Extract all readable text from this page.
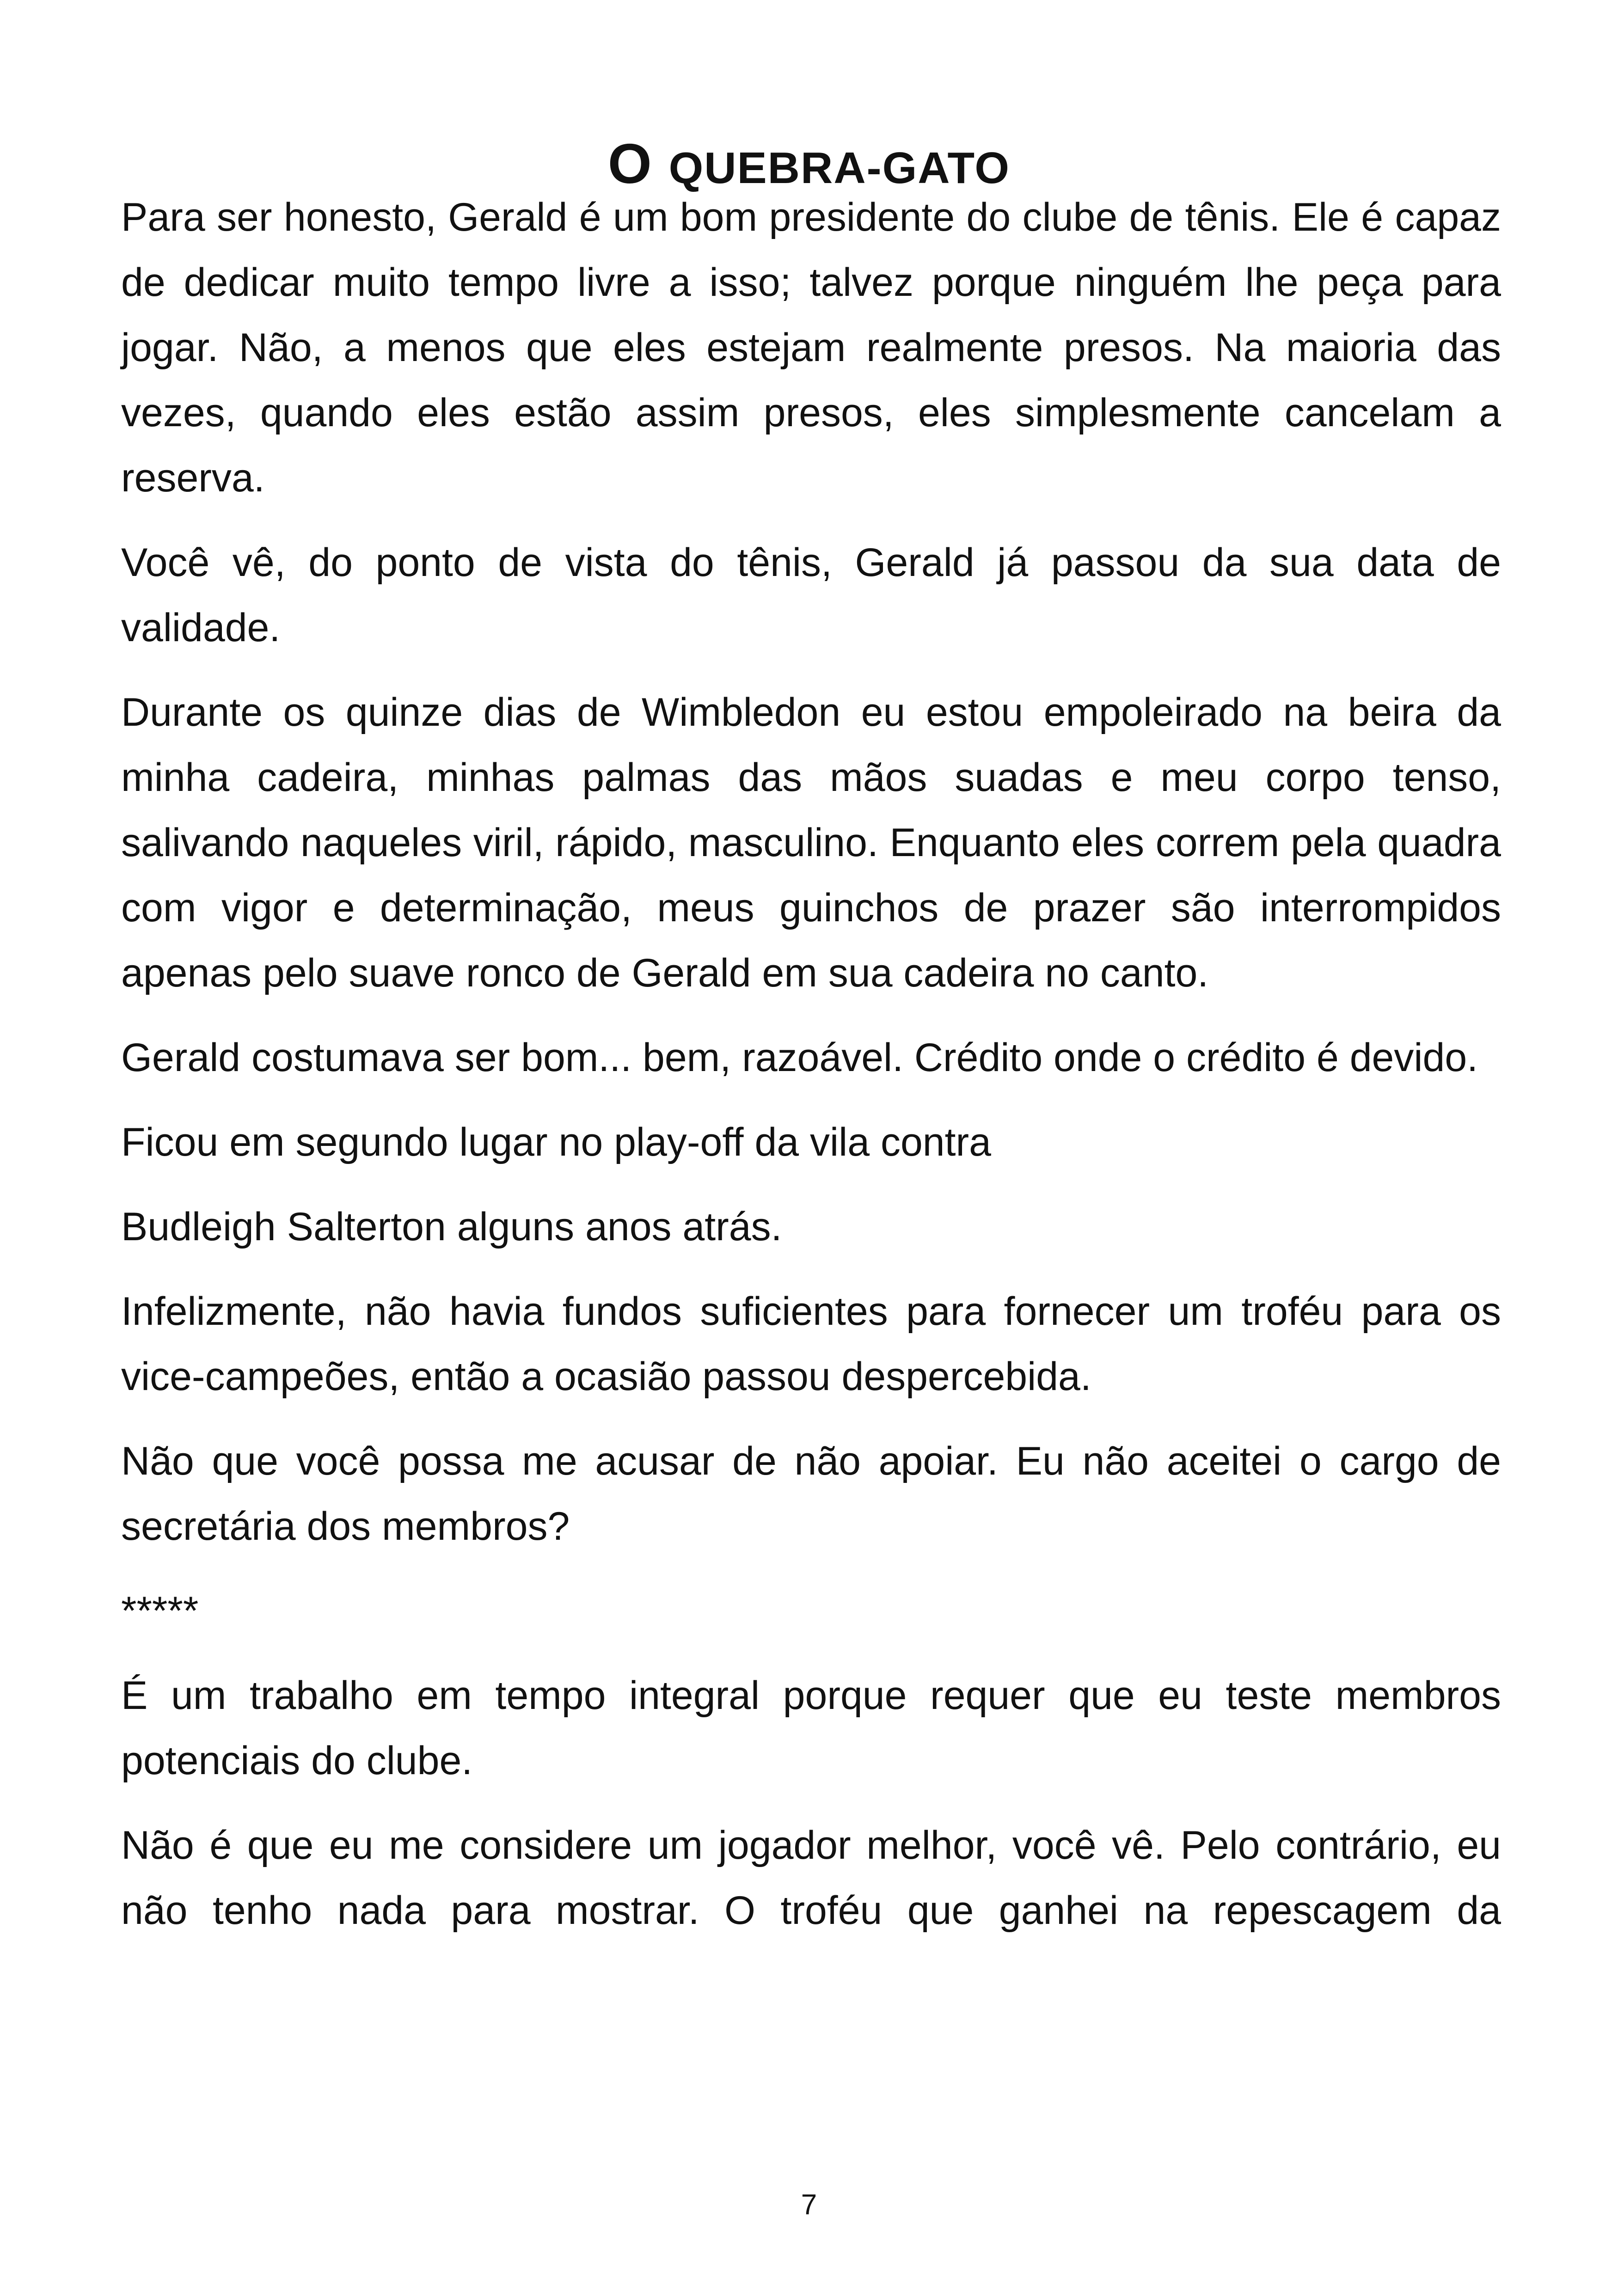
O QUEBRA-GATO

Para ser honesto, Gerald é um bom presidente do clube de tênis. Ele é capaz de dedicar muito tempo livre a isso; talvez porque ninguém lhe peça para jogar. Não, a menos que eles estejam realmente presos. Na maioria das vezes, quando eles estão assim presos, eles simplesmente cancelam a reserva.

Você vê, do ponto de vista do tênis, Gerald já passou da sua data de validade.

Durante os quinze dias de Wimbledon eu estou empoleirado na beira da minha cadeira, minhas palmas das mãos suadas e meu corpo tenso, salivando naqueles viril, rápido, masculino. Enquanto eles correm pela quadra com vigor e determinação, meus guinchos de prazer são interrompidos apenas pelo suave ronco de Gerald em sua cadeira no canto.

Gerald costumava ser bom... bem, razoável. Crédito onde o crédito é devido.

Ficou em segundo lugar no play-off da vila contra

Budleigh Salterton alguns anos atrás.

Infelizmente, não havia fundos suficientes para fornecer um troféu para os vice-campeões, então a ocasião passou despercebida.

Não que você possa me acusar de não apoiar. Eu não aceitei o cargo de secretária dos membros?

*****

É um trabalho em tempo integral porque requer que eu teste membros potenciais do clube.

Não é que eu me considere um jogador melhor, você vê. Pelo contrário, eu não tenho nada para mostrar. O troféu que ganhei na repescagem da

7
